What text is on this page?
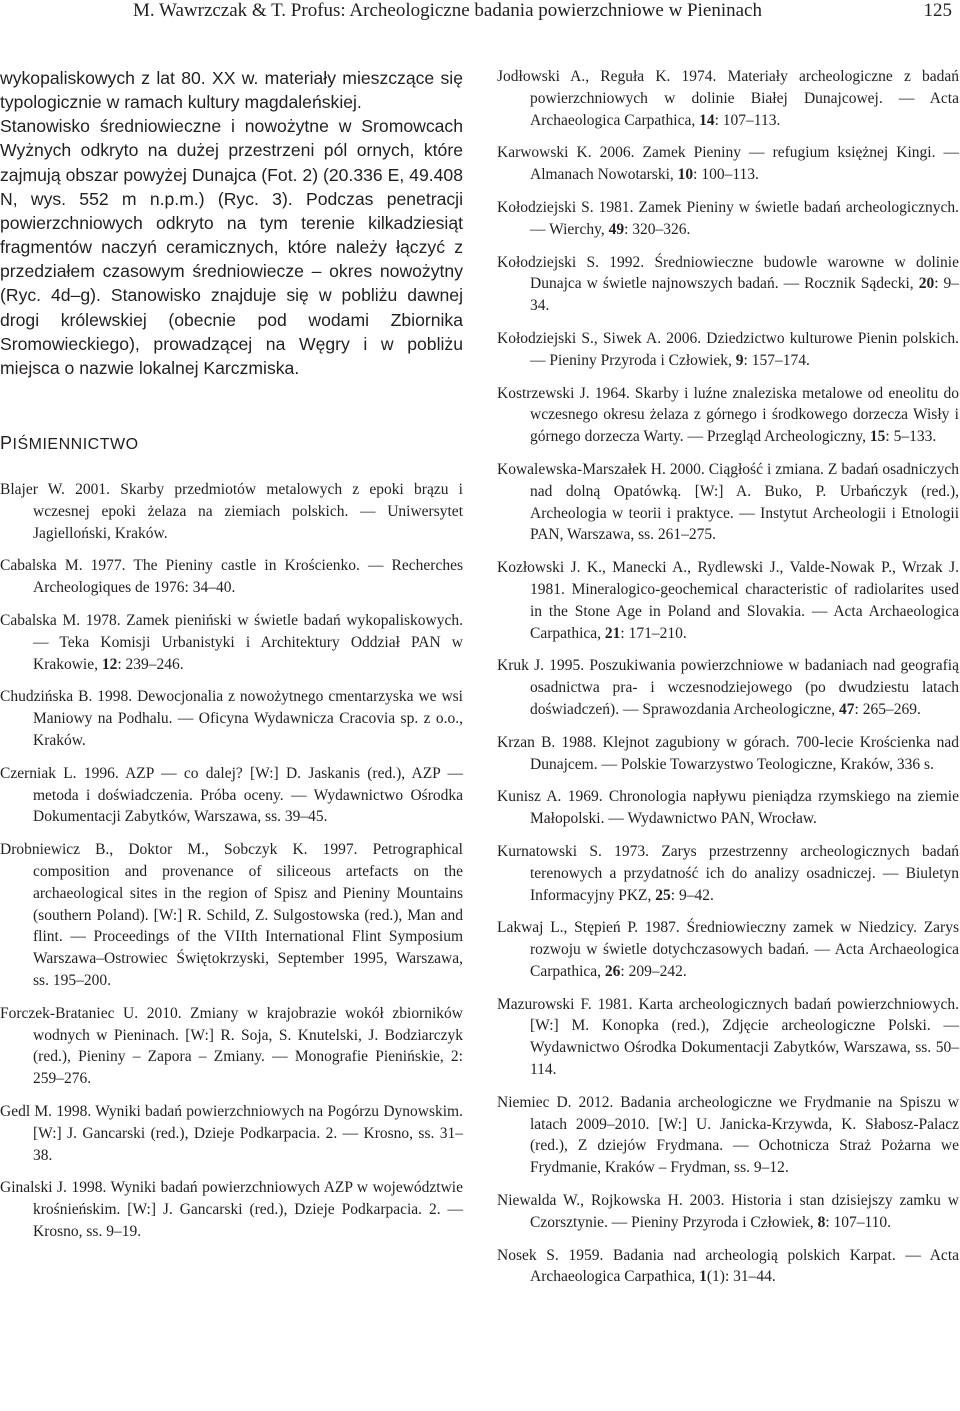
M. Wawrzczak & T. Profus: Archeologiczne badania powierzchniowe w Pieninach	125

wykopaliskowych z lat 80. XX w. materiały mieszczące się typologicznie w ramach kultury magdaleńskiej.

Stanowisko średniowieczne i nowożytne w Sromowcach Wyżnych odkryto na dużej przestrzeni pól ornych, które zajmują obszar powyżej Dunajca (Fot. 2) (20.336 E, 49.408 N, wys. 552 m n.p.m.) (Ryc. 3). Podczas penetracji powierzchniowych odkryto na tym terenie kilkadziesiąt fragmentów naczyń ceramicznych, które należy łączyć z przedziałem czasowym średniowiecze – okres nowożytny (Ryc. 4d–g). Stanowisko znajduje się w pobliżu dawnej drogi królewskiej (obecnie pod wodami Zbiornika Sromowieckiego), prowadzącej na Węgry i w pobliżu miejsca o nazwie lokalnej Karczmiska.

PIŚMIENNICTWO

Blajer W. 2001. Skarby przedmiotów metalowych z epoki brązu i wczesnej epoki żelaza na ziemiach polskich. — Uniwersytet Jagielloński, Kraków.

Cabalska M. 1977. The Pieniny castle in Krościenko. — Recherches Archeologiques de 1976: 34–40.

Cabalska M. 1978. Zamek pieniński w świetle badań wykopaliskowych. — Teka Komisji Urbanistyki i Architektury Oddział PAN w Krakowie, 12: 239–246.

Chudzińska B. 1998. Dewocjonalia z nowożytnego cmentarzyska we wsi Maniowy na Podhalu. — Oficyna Wydawnicza Cracovia sp. z o.o., Kraków.

Czerniak L. 1996. AZP — co dalej? [W:] D. Jaskanis (red.), AZP — metoda i doświadczenia. Próba oceny. — Wydawnictwo Ośrodka Dokumentacji Zabytków, Warszawa, ss. 39–45.

Drobniewicz B., Doktor M., Sobczyk K. 1997. Petrographical composition and provenance of siliceous artefacts on the archaeological sites in the region of Spisz and Pieniny Mountains (southern Poland). [W:] R. Schild, Z. Sulgostowska (red.), Man and flint. — Proceedings of the VIIth International Flint Symposium Warszawa–Ostrowiec Świętokrzyski, September 1995, Warszawa, ss. 195–200.

Forczek-Brataniec U. 2010. Zmiany w krajobrazie wokół zbiorników wodnych w Pieninach. [W:] R. Soja, S. Knutelski, J. Bodziarczyk (red.), Pieniny – Zapora – Zmiany. — Monografie Pienińskie, 2: 259–276.

Gedl M. 1998. Wyniki badań powierzchniowych na Pogórzu Dynowskim. [W:] J. Gancarski (red.), Dzieje Podkarpacia. 2. — Krosno, ss. 31–38.

Ginalski J. 1998. Wyniki badań powierzchniowych AZP w województwie krośnieńskim. [W:] J. Gancarski (red.), Dzieje Podkarpacia. 2. — Krosno, ss. 9–19.

Jodłowski A., Reguła K. 1974. Materiały archeologiczne z badań powierzchniowych w dolinie Białej Dunajcowej. — Acta Archaeologica Carpathica, 14: 107–113.

Karwowski K. 2006. Zamek Pieniny — refugium księżnej Kingi. — Almanach Nowotarski, 10: 100–113.

Kołodziejski S. 1981. Zamek Pieniny w świetle badań archeologicznych. — Wierchy, 49: 320–326.

Kołodziejski S. 1992. Średniowieczne budowle warowne w dolinie Dunajca w świetle najnowszych badań. — Rocznik Sądecki, 20: 9–34.

Kołodziejski S., Siwek A. 2006. Dziedzictwo kulturowe Pienin polskich. — Pieniny Przyroda i Człowiek, 9: 157–174.

Kostrzewski J. 1964. Skarby i luźne znaleziska metalowe od eneolitu do wczesnego okresu żelaza z górnego i środkowego dorzecza Wisły i górnego dorzecza Warty. — Przegląd Archeologiczny, 15: 5–133.

Kowalewska-Marszałek H. 2000. Ciągłość i zmiana. Z badań osadniczych nad dolną Opatówką. [W:] A. Buko, P. Urbańczyk (red.), Archeologia w teorii i praktyce. — Instytut Archeologii i Etnologii PAN, Warszawa, ss. 261–275.

Kozłowski J. K., Manecki A., Rydlewski J., Valde-Nowak P., Wrzak J. 1981. Mineralogico-geochemical characteristic of radiolarites used in the Stone Age in Poland and Slovakia. — Acta Archaeologica Carpathica, 21: 171–210.

Kruk J. 1995. Poszukiwania powierzchniowe w badaniach nad geografią osadnictwa pra- i wczesnodziejowego (po dwudziestu latach doświadczeń). — Sprawozdania Archeologiczne, 47: 265–269.

Krzan B. 1988. Klejnot zagubiony w górach. 700-lecie Krościenka nad Dunajcem. — Polskie Towarzystwo Teologiczne, Kraków, 336 s.

Kunisz A. 1969. Chronologia napływu pieniądza rzymskiego na ziemie Małopolski. — Wydawnictwo PAN, Wrocław.

Kurnatowski S. 1973. Zarys przestrzenny archeologicznych badań terenowych a przydatność ich do analizy osadniczej. — Biuletyn Informacyjny PKZ, 25: 9–42.

Lakwaj L., Stępień P. 1987. Średniowieczny zamek w Niedzicy. Zarys rozwoju w świetle dotychczasowych badań. — Acta Archaeologica Carpathica, 26: 209–242.

Mazurowski F. 1981. Karta archeologicznych badań powierzchniowych. [W:] M. Konopka (red.), Zdjęcie archeologiczne Polski. — Wydawnictwo Ośrodka Dokumentacji Zabytków, Warszawa, ss. 50–114.

Niemiec D. 2012. Badania archeologiczne we Frydmanie na Spiszu w latach 2009–2010. [W:] U. Janicka-Krzywda, K. Słabosz-Palacz (red.), Z dziejów Frydmana. — Ochotnicza Straż Pożarna we Frydmanie, Kraków – Frydman, ss. 9–12.

Niewalda W., Rojkowska H. 2003. Historia i stan dzisiejszy zamku w Czorsztynie. — Pieniny Przyroda i Człowiek, 8: 107–110.

Nosek S. 1959. Badania nad archeologią polskich Karpat. — Acta Archaeologica Carpathica, 1(1): 31–44.
